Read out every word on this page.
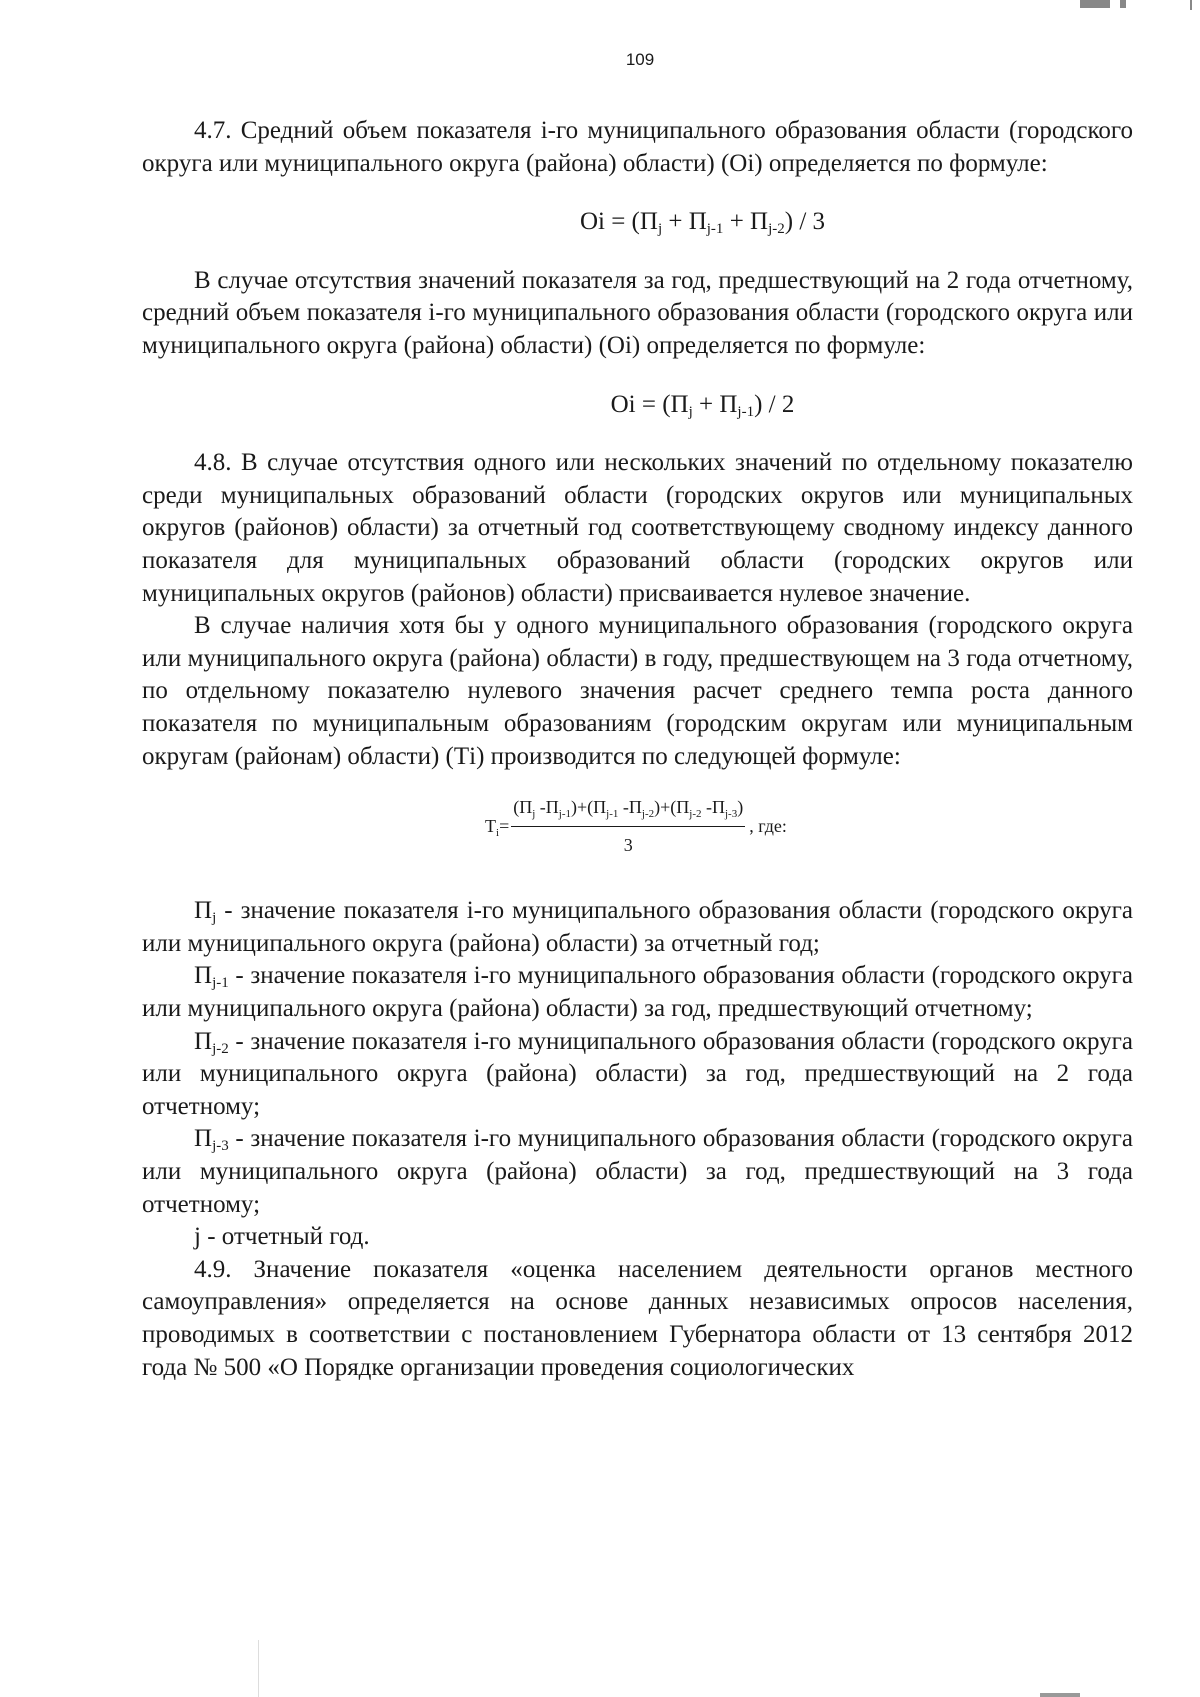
109

4.7. Средний объем показателя i-го муниципального образования области (городского округа или муниципального округа (района) области) (Оi) определяется по формуле:

Оi = $(П_j + П_{j-1} + П_{j-2}) / 3$

В случае отсутствия значений показателя за год, предшествующий на 2 года отчетному, средний объем показателя i-го муниципального образования области (городского округа или муниципального округа (района) области) (Оi) определяется по формуле:

Оi = $(П_j + П_{j-1}) / 2$

4.8. В случае отсутствия одного или нескольких значений по отдельному показателю среди муниципальных образований области (городских округов или муниципальных округов (районов) области) за отчетный год соответствующему сводному индексу данного показателя для муниципальных образований области (городских округов или муниципальных округов (районов) области) присваивается нулевое значение.

В случае наличия хотя бы у одного муниципального образования (городского округа или муниципального округа (района) области) в году, предшествующем на 3 года отчетному, по отдельному показателю нулевого значения расчет среднего темпа роста данного показателя по муниципальным образованиям (городским округам или муниципальным округам (районам) области) (Тi) производится по следующей формуле:

$Т_i= \frac{(П_j -П_{j-1})+(П_{j-1} -П_{j-2})+(П_{j-2} -П_{j-3})}{3}$ , где:

$П_j$ - значение показателя i-го муниципального образования области (городского округа или муниципального округа (района) области) за отчетный год;

$П_{j-1}$ - значение показателя i-го муниципального образования области (городского округа или муниципального округа (района) области) за год, предшествующий отчетному;

$П_{j-2}$ - значение показателя i-го муниципального образования области (городского округа или муниципального округа (района) области) за год, предшествующий на 2 года отчетному;

$П_{j-3}$ - значение показателя i-го муниципального образования области (городского округа или муниципального округа (района) области) за год, предшествующий на 3 года отчетному;

j - отчетный год.

4.9. Значение показателя «оценка населением деятельности органов местного самоуправления» определяется на основе данных независимых опросов населения, проводимых в соответствии с постановлением Губернатора области от 13 сентября 2012 года № 500 «О Порядке организации проведения социологических
